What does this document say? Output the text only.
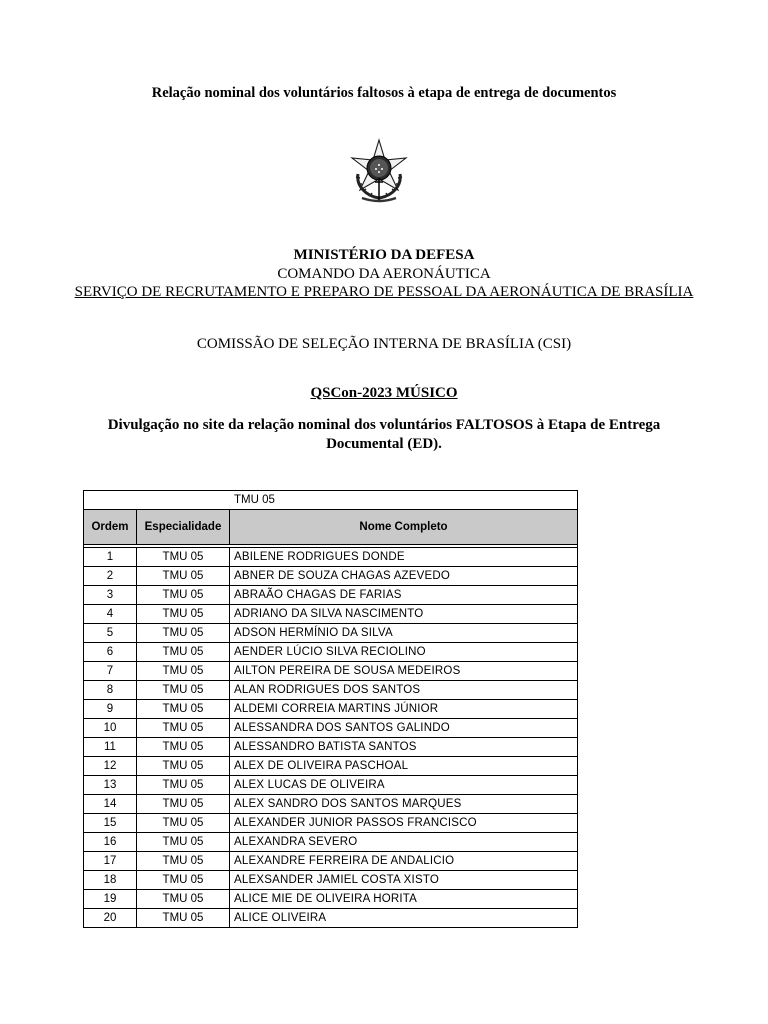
Relação nominal dos voluntários faltosos à etapa de entrega de documentos
MINISTÉRIO DA DEFESA
COMANDO DA AERONÁUTICA
SERVIÇO DE RECRUTAMENTO E PREPARO DE PESSOAL DA AERONÁUTICA DE BRASÍLIA
COMISSÃO DE SELEÇÃO INTERNA DE BRASÍLIA (CSI)
QSCon-2023 MÚSICO
Divulgação no site da relação nominal dos voluntários FALTOSOS à Etapa de Entrega Documental (ED).
TMU 05		
Ordem	Especialidade	Nome Completo

1	TMU 05	ABILENE RODRIGUES DONDE
2	TMU 05	ABNER DE SOUZA CHAGAS AZEVEDO
3	TMU 05	ABRAÃO CHAGAS DE FARIAS
4	TMU 05	ADRIANO DA SILVA NASCIMENTO
5	TMU 05	ADSON HERMÍNIO DA SILVA
6	TMU 05	AENDER LÚCIO SILVA RECIOLINO
7	TMU 05	AILTON PEREIRA DE SOUSA MEDEIROS
8	TMU 05	ALAN RODRIGUES DOS SANTOS
9	TMU 05	ALDEMI CORREIA MARTINS JÚNIOR
10	TMU 05	ALESSANDRA DOS SANTOS GALINDO
11	TMU 05	ALESSANDRO BATISTA SANTOS
12	TMU 05	ALEX DE OLIVEIRA PASCHOAL
13	TMU 05	ALEX LUCAS DE OLIVEIRA
14	TMU 05	ALEX SANDRO DOS SANTOS MARQUES
15	TMU 05	ALEXANDER JUNIOR PASSOS FRANCISCO
16	TMU 05	ALEXANDRA SEVERO
17	TMU 05	ALEXANDRE FERREIRA DE ANDALICIO
18	TMU 05	ALEXSANDER JAMIEL COSTA XISTO
19	TMU 05	ALICE MIE DE OLIVEIRA HORITA
20	TMU 05	ALICE OLIVEIRA
